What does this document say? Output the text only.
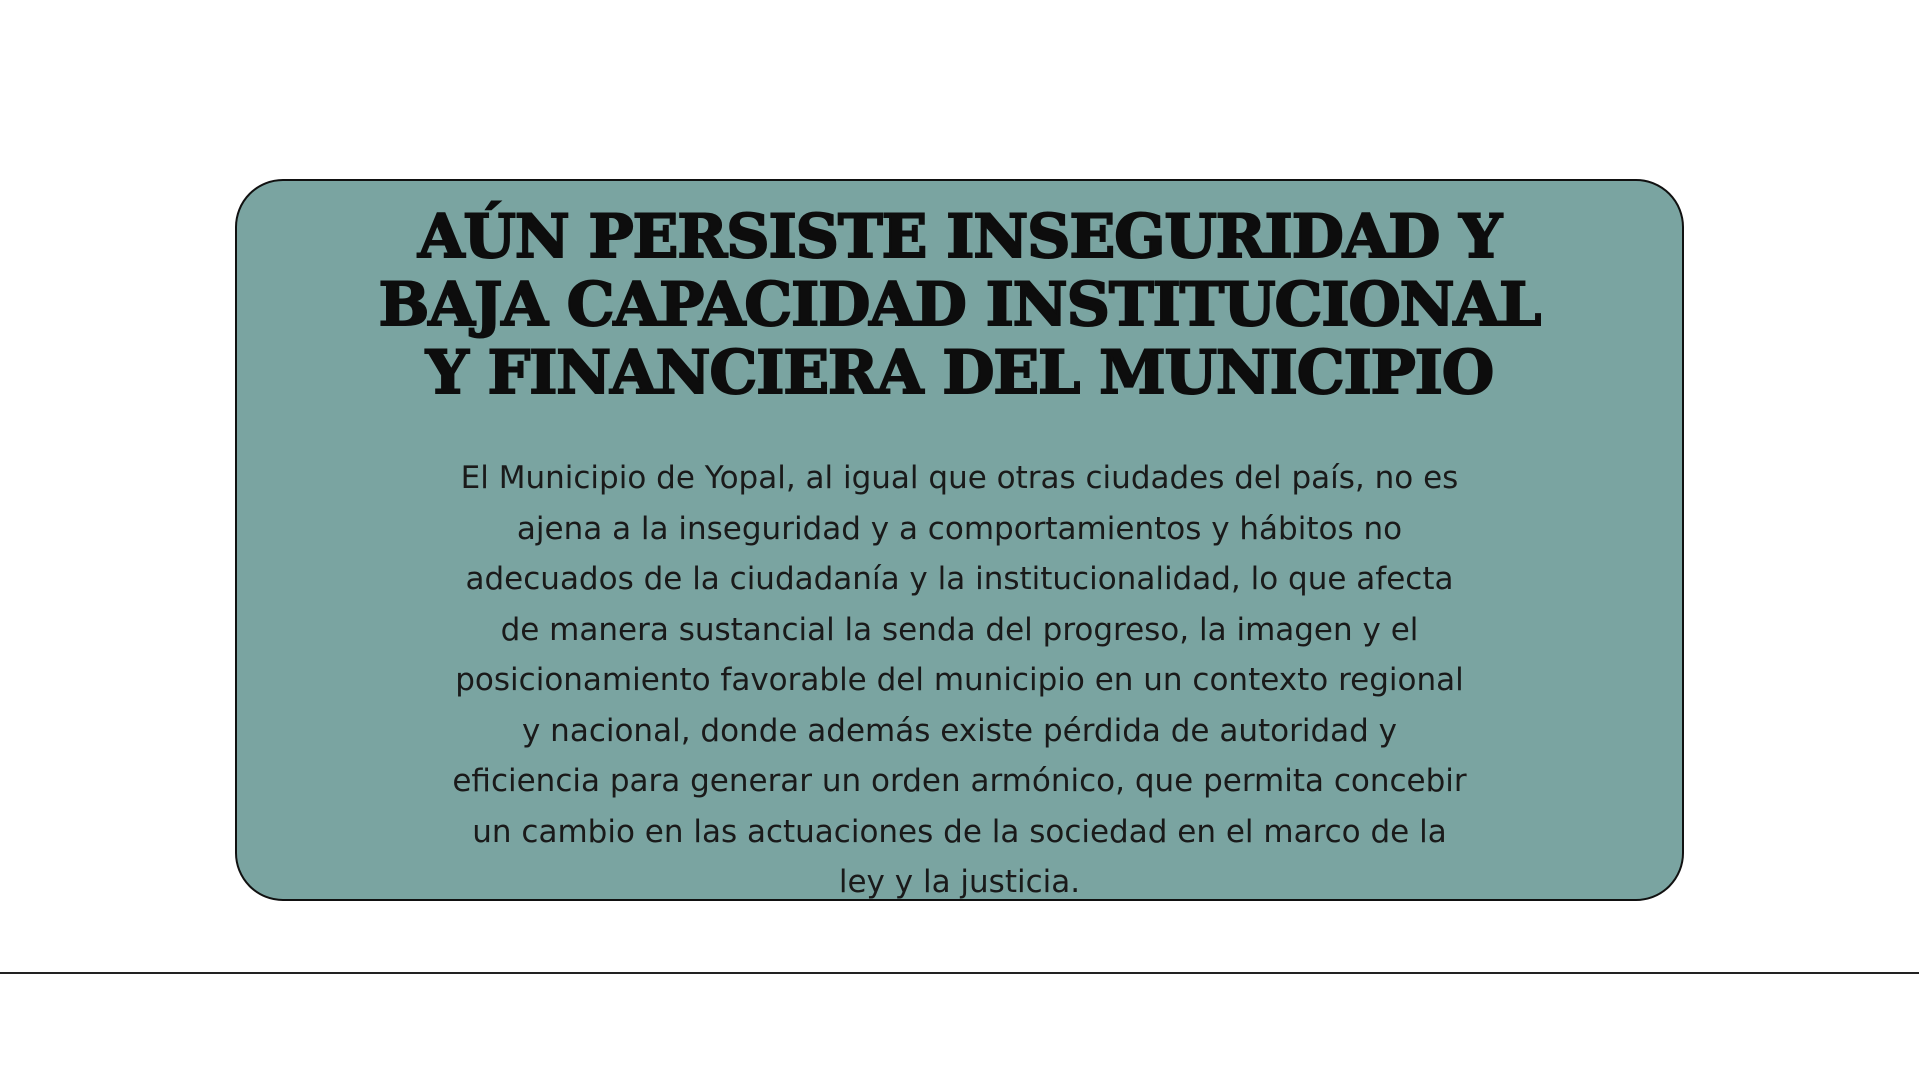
AÚN PERSISTE INSEGURIDAD Y
BAJA CAPACIDAD INSTITUCIONAL
Y FINANCIERA DEL MUNICIPIO

El Municipio de Yopal, al igual que otras ciudades del país, no es
ajena a la inseguridad y a comportamientos y hábitos no
adecuados de la ciudadanía y la institucionalidad, lo que afecta
de manera sustancial la senda del progreso, la imagen y el
posicionamiento favorable del municipio en un contexto regional
y nacional, donde además existe pérdida de autoridad y
eficiencia para generar un orden armónico, que permita concebir
un cambio en las actuaciones de la sociedad en el marco de la
ley y la justicia.
